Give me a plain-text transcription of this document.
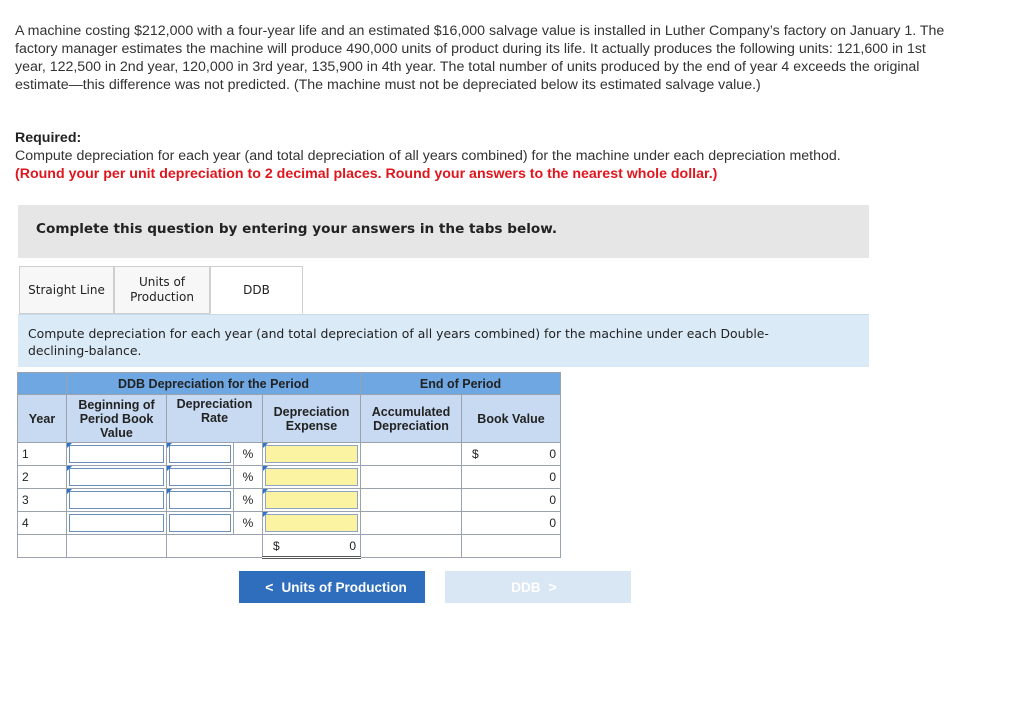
A machine costing $212,000 with a four-year life and an estimated $16,000 salvage value is installed in Luther Company’s factory on January 1. The factory manager estimates the machine will produce 490,000 units of product during its life. It actually produces the following units: 121,600 in 1st year, 122,500 in 2nd year, 120,000 in 3rd year, 135,900 in 4th year. The total number of units produced by the end of year 4 exceeds the original estimate—this difference was not predicted. (The machine must not be depreciated below its estimated salvage value.)
Required:
Compute depreciation for each year (and total depreciation of all years combined) for the machine under each depreciation method.
(Round your per unit depreciation to 2 decimal places. Round your answers to the nearest whole dollar.)
Complete this question by entering your answers in the tabs below.
Straight Line
Units of Production
DDB
Compute depreciation for each year (and total depreciation of all years combined) for the machine under each Double-declining-balance.
	DDB Depreciation for the Period				End of Period	
Year	Beginning of Period Book Value	Depreciation Rate		Depreciation Expense	Accumulated Depreciation	Book Value
1			%			$ 0

2			%			0

3			%			0

4			%			0

				$ 0		

< Units of Production	DDB >
